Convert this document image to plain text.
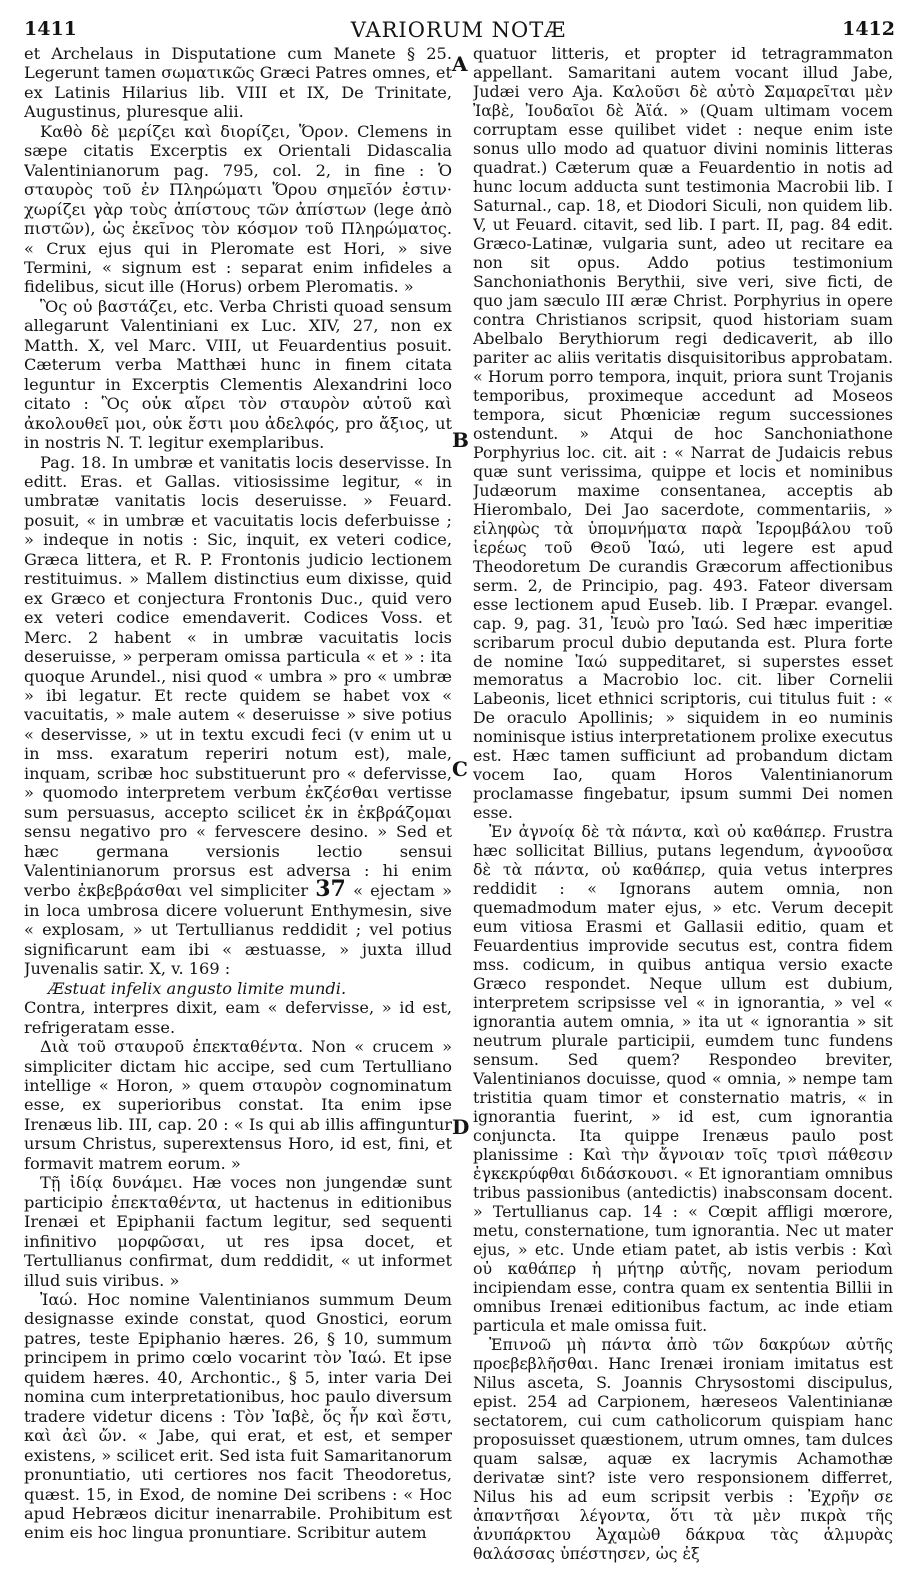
1411	VARIORUM NOTÆ	1412

et Archelaus in Disputatione cum Manete § 25. Legerunt tamen σωματικῶς Græci Patres omnes, et ex Latinis Hilarius lib. VIII et IX, De Trinitate, Augustinus, pluresque alii.

Καθὸ δὲ μερίζει καὶ διορίζει, Ὅρον. Clemens in sæpe citatis Excerptis ex Orientali Didascalia Valentinianorum pag. 795, col. 2, in fine : Ὁ σταυρὸς τοῦ ἐν Πληρώματι Ὅρου σημεῖόν ἐστιν· χωρίζει γὰρ τοὺς ἀπίστους τῶν ἀπίστων (lege ἀπὸ πιστῶν), ὡς ἐκεῖνος τὸν κόσμον τοῦ Πληρώματος. « Crux ejus qui in Pleromate est Hori, » sive Termini, « signum est : separat enim infideles a fidelibus, sicut ille (Horus) orbem Pleromatis. »

Ὃς οὐ βαστάζει, etc. Verba Christi quoad sensum allegarunt Valentiniani ex Luc. XIV, 27, non ex Matth. X, vel Marc. VIII, ut Feuardentius posuit. Cæterum verba Matthæi hunc in finem citata leguntur in Excerptis Clementis Alexandrini loco citato : Ὃς οὐκ αἴρει τὸν σταυρὸν αὐτοῦ καὶ ἀκολουθεῖ μοι, οὐκ ἔστι μου ἀδελφός, pro ἄξιος, ut in nostris N. T. legitur exemplaribus.

Pag. 18. In umbræ et vanitatis locis deservisse. In editt. Eras. et Gallas. vitiosissime legitur, « in umbratæ vanitatis locis deseruisse. » Feuard. posuit, « in umbræ et vacuitatis locis deferbuisse ; » indeque in notis : Sic, inquit, ex veteri codice, Græca littera, et R. P. Frontonis judicio lectionem restituimus. » Mallem distinctius eum dixisse, quid ex Græco et conjectura Frontonis Duc., quid vero ex veteri codice emendaverit. Codices Voss. et Merc. 2 habent « in umbræ vacuitatis locis deseruisse, » perperam omissa particula « et » : ita quoque Arundel., nisi quod « umbra » pro « umbræ » ibi legatur. Et recte quidem se habet vox « vacuitatis, » male autem « deseruisse » sive potius « deservisse, » ut in textu excudi feci (v enim ut u in mss. exaratum reperiri notum est), male, inquam, scribæ hoc substituerunt pro « defervisse, » quomodo interpretem verbum ἐκζέσθαι vertisse sum persuasus, accepto scilicet ἐκ in ἐκβράζομαι sensu negativo pro « fervescere desino. » Sed et hæc germana versionis lectio sensui Valentinianorum prorsus est adversa : hi enim verbo ἐκβεβράσθαι vel simpliciter 37 « ejectam » in loca umbrosa dicere voluerunt Enthymesin, sive « explosam, » ut Tertullianus reddidit ; vel potius significarunt eam ibi « æstuasse, » juxta illud Juvenalis satir. X, v. 169 :

Æstuat infelix angusto limite mundi.

Contra, interpres dixit, eam « defervisse, » id est, refrigeratam esse.

Διὰ τοῦ σταυροῦ ἐπεκταθέντα. Non « crucem » simpliciter dictam hic accipe, sed cum Tertulliano intellige « Horon, » quem σταυρὸν cognominatum esse, ex superioribus constat. Ita enim ipse Irenæus lib. III, cap. 20 : « Is qui ab illis affinguntur ursum Christus, superextensus Horo, id est, fini, et formavit matrem eorum. »

Τῇ ἰδίᾳ δυνάμει. Hæ voces non jungendæ sunt participio ἐπεκταθέντα, ut hactenus in editionibus Irenæi et Epiphanii factum legitur, sed sequenti infinitivo μορφῶσαι, ut res ipsa docet, et Tertullianus confirmat, dum reddidit, « ut informet illud suis viribus. »

Ἰαώ. Hoc nomine Valentinianos summum Deum designasse exinde constat, quod Gnostici, eorum patres, teste Epiphanio hæres. 26, § 10, summum principem in primo cœlo vocarint τὸν Ἰαώ. Et ipse quidem hæres. 40, Archontic., § 5, inter varia Dei nomina cum interpretationibus, hoc paulo diversum tradere videtur dicens : Τὸν Ἰαβὲ, ὅς ἦν καὶ ἔστι, καὶ ἀεὶ ὤν. « Jabe, qui erat, et est, et semper existens, » scilicet erit. Sed ista fuit Samaritanorum pronuntiatio, uti certiores nos facit Theodoretus, quæst. 15, in Exod, de nomine Dei scribens : « Hoc apud Hebræos dicitur inenarrabile. Prohibitum est enim eis hoc lingua pronuntiare. Scribitur autem

A
B
C
D

quatuor litteris, et propter id tetragrammaton appellant. Samaritani autem vocant illud Jabe, Judæi vero Aja. Καλοῦσι δὲ αὐτὸ Σαμαρεῖται μὲν Ἰαβὲ, Ἰουδαῖοι δὲ Ἀϊά. » (Quam ultimam vocem corruptam esse quilibet videt : neque enim iste sonus ullo modo ad quatuor divini nominis litteras quadrat.) Cæterum quæ a Feuardentio in notis ad hunc locum adducta sunt testimonia Macrobii lib. I Saturnal., cap. 18, et Diodori Siculi, non quidem lib. V, ut Feuard. citavit, sed lib. I part. II, pag. 84 edit. Græco-Latinæ, vulgaria sunt, adeo ut recitare ea non sit opus. Addo potius testimonium Sanchoniathonis Berythii, sive veri, sive ficti, de quo jam sæculo III æræ Christ. Porphyrius in opere contra Christianos scripsit, quod historiam suam Abelbalo Berythiorum regi dedicaverit, ab illo pariter ac aliis veritatis disquisitoribus approbatam. « Horum porro tempora, inquit, priora sunt Trojanis temporibus, proximeque accedunt ad Moseos tempora, sicut Phœniciæ regum successiones ostendunt. » Atqui de hoc Sanchoniathone Porphyrius loc. cit. ait : « Narrat de Judaicis rebus quæ sunt verissima, quippe et locis et nominibus Judæorum maxime consentanea, acceptis ab Hierombalo, Dei Jao sacerdote, commentariis, » εἰληφὼς τὰ ὑπομνήματα παρὰ Ἱερομβάλου τοῦ ἱερέως τοῦ Θεοῦ Ἰαώ, uti legere est apud Theodoretum De curandis Græcorum affectionibus serm. 2, de Principio, pag. 493. Fateor diversam esse lectionem apud Euseb. lib. I Præpar. evangel. cap. 9, pag. 31, Ἰευὼ pro Ἰαώ. Sed hæc imperitiæ scribarum procul dubio deputanda est. Plura forte de nomine Ἰαώ suppeditaret, si superstes esset memoratus a Macrobio loc. cit. liber Cornelii Labeonis, licet ethnici scriptoris, cui titulus fuit : « De oraculo Apollinis; » siquidem in eo numinis nominisque istius interpretationem prolixe executus est. Hæc tamen sufficiunt ad probandum dictam vocem Iao, quam Horos Valentinianorum proclamasse fingebatur, ipsum summi Dei nomen esse.

Ἐν ἀγνοίᾳ δὲ τὰ πάντα, καὶ οὐ καθάπερ. Frustra hæc sollicitat Billius, putans legendum, ἀγνοοῦσα δὲ τὰ πάντα, οὐ καθάπερ, quia vetus interpres reddidit : « Ignorans autem omnia, non quemadmodum mater ejus, » etc. Verum decepit eum vitiosa Erasmi et Gallasii editio, quam et Feuardentius improvide secutus est, contra fidem mss. codicum, in quibus antiqua versio exacte Græco respondet. Neque ullum est dubium, interpretem scripsisse vel « in ignorantia, » vel « ignorantia autem omnia, » ita ut « ignorantia » sit neutrum plurale participii, eumdem tunc fundens sensum. Sed quem? Respondeo breviter, Valentinianos docuisse, quod « omnia, » nempe tam tristitia quam timor et consternatio matris, « in ignorantia fuerint, » id est, cum ignorantia conjuncta. Ita quippe Irenæus paulo post planissime : Καὶ τὴν ἄγνοιαν τοῖς τρισὶ πάθεσιν ἐγκεκρύφθαι διδάσκουσι. « Et ignorantiam omnibus tribus passionibus (antedictis) inabsconsam docent. » Tertullianus cap. 14 : « Cœpit affligi mœrore, metu, consternatione, tum ignorantia. Nec ut mater ejus, » etc. Unde etiam patet, ab istis verbis : Καὶ οὐ καθάπερ ἡ μήτηρ αὐτῆς, novam periodum incipiendam esse, contra quam ex sententia Billii in omnibus Irenæi editionibus factum, ac inde etiam particula et male omissa fuit.

Ἐπινοῶ μὴ πάντα ἀπὸ τῶν δακρύων αὐτῆς προεβεβλῆσθαι. Hanc Irenæi ironiam imitatus est Nilus asceta, S. Joannis Chrysostomi discipulus, epist. 254 ad Carpionem, hæreseos Valentinianæ sectatorem, cui cum catholicorum quispiam hanc proposuisset quæstionem, utrum omnes, tam dulces quam salsæ, aquæ ex lacrymis Achamothæ derivatæ sint? iste vero responsionem differret, Nilus his ad eum scripsit verbis : Ἐχρῆν σε ἀπαντῆσαι λέγοντα, ὅτι τὰ μὲν πικρὰ τῆς ἀνυπάρκτου Ἀχαμὼθ δάκρυα τὰς ἁλμυρὰς θαλάσσας ὑπέστησεν, ὡς ἐξ
